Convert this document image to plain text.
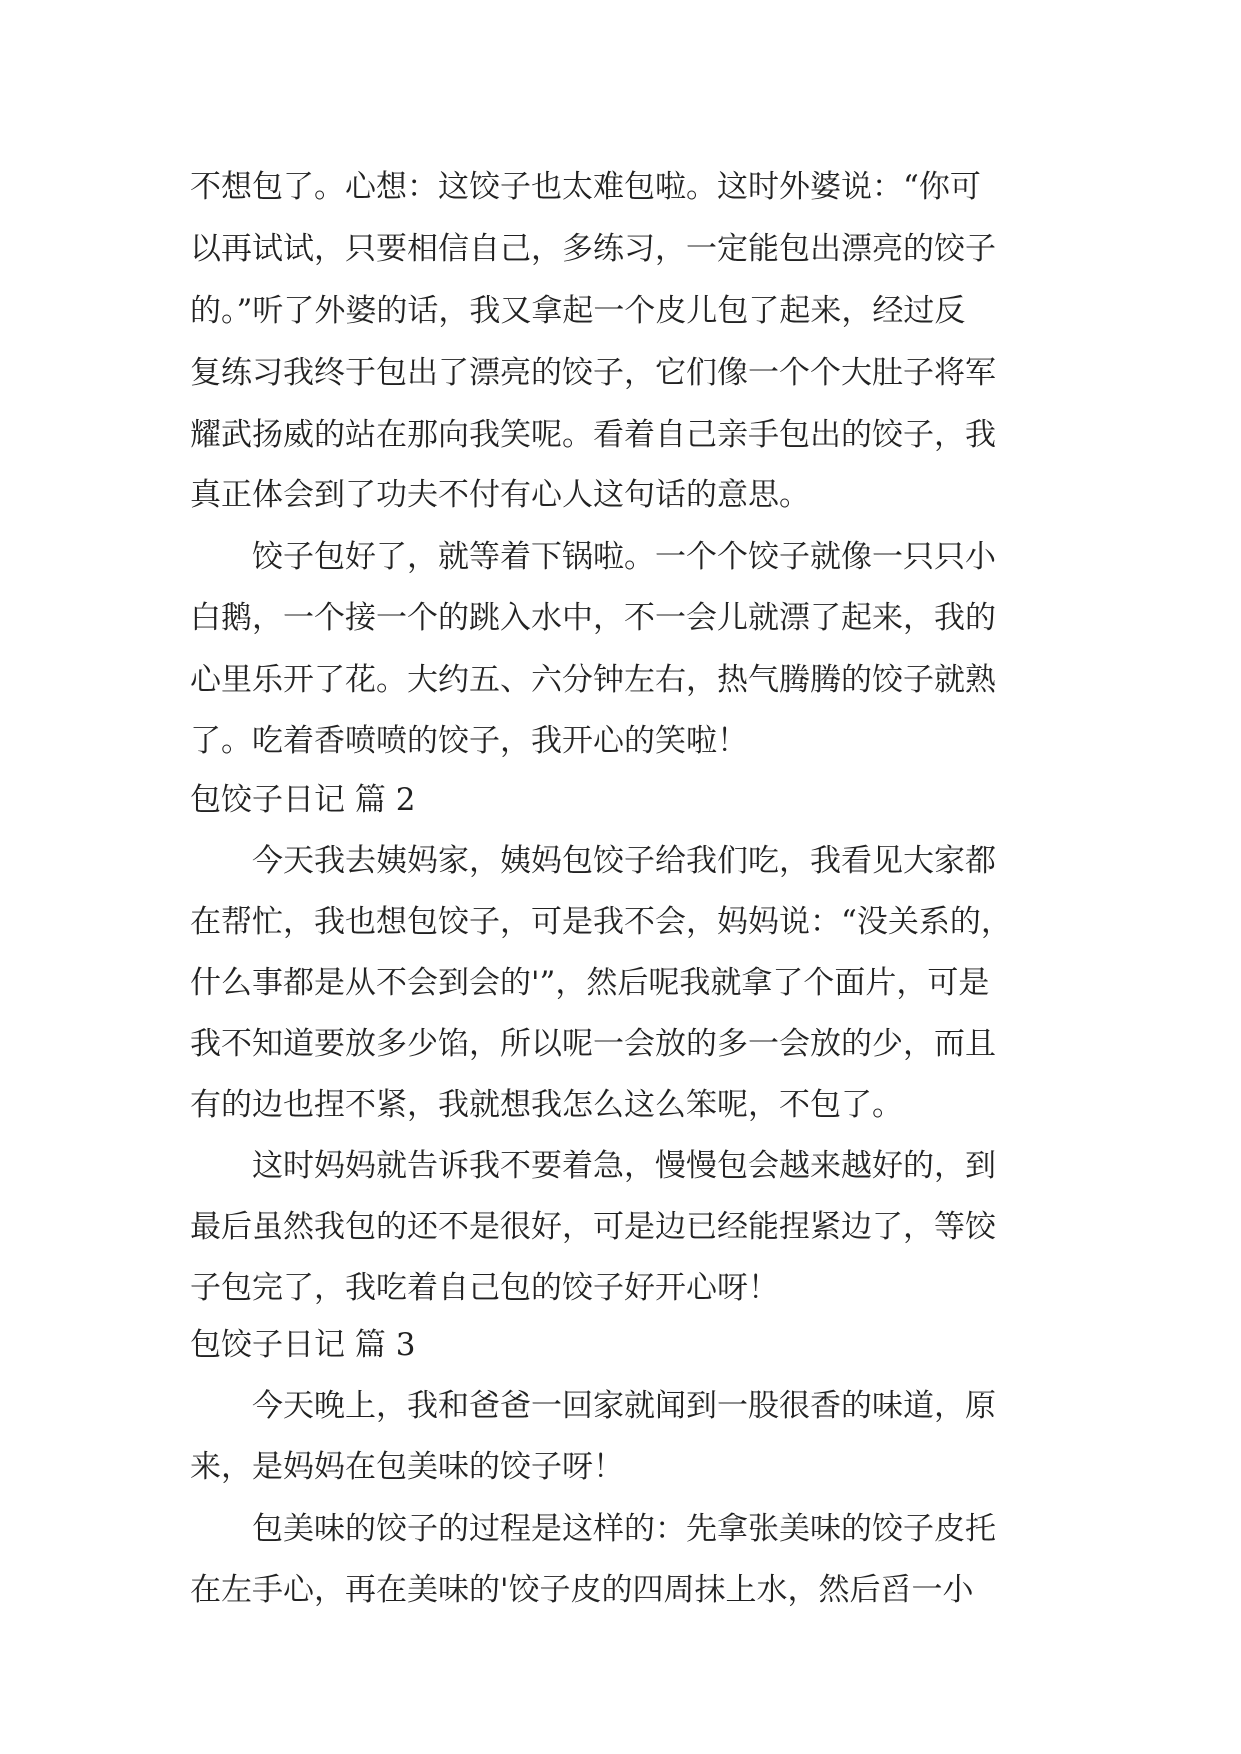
不想包了。心想：这饺子也太难包啦。这时外婆说：“你可
以再试试，只要相信自己，多练习，一定能包出漂亮的饺子
的。”听了外婆的话，我又拿起一个皮儿包了起来，经过反
复练习我终于包出了漂亮的饺子，它们像一个个大肚子将军
耀武扬威的站在那向我笑呢。看着自己亲手包出的饺子，我
真正体会到了功夫不付有心人这句话的意思。
饺子包好了，就等着下锅啦。一个个饺子就像一只只小
白鹅，一个接一个的跳入水中，不一会儿就漂了起来，我的
心里乐开了花。大约五、六分钟左右，热气腾腾的饺子就熟
了。吃着香喷喷的饺子，我开心的笑啦！
包饺子日记 篇 2
今天我去姨妈家，姨妈包饺子给我们吃，我看见大家都
在帮忙，我也想包饺子，可是我不会，妈妈说：“没关系的，
什么事都是从不会到会的'”，然后呢我就拿了个面片，可是
我不知道要放多少馅，所以呢一会放的多一会放的少，而且
有的边也捏不紧，我就想我怎么这么笨呢，不包了。
这时妈妈就告诉我不要着急，慢慢包会越来越好的，到
最后虽然我包的还不是很好，可是边已经能捏紧边了，等饺
子包完了，我吃着自己包的饺子好开心呀！
包饺子日记 篇 3
今天晚上，我和爸爸一回家就闻到一股很香的味道，原
来，是妈妈在包美味的饺子呀！
包美味的饺子的过程是这样的：先拿张美味的饺子皮托
在左手心，再在美味的'饺子皮的四周抹上水，然后舀一小
